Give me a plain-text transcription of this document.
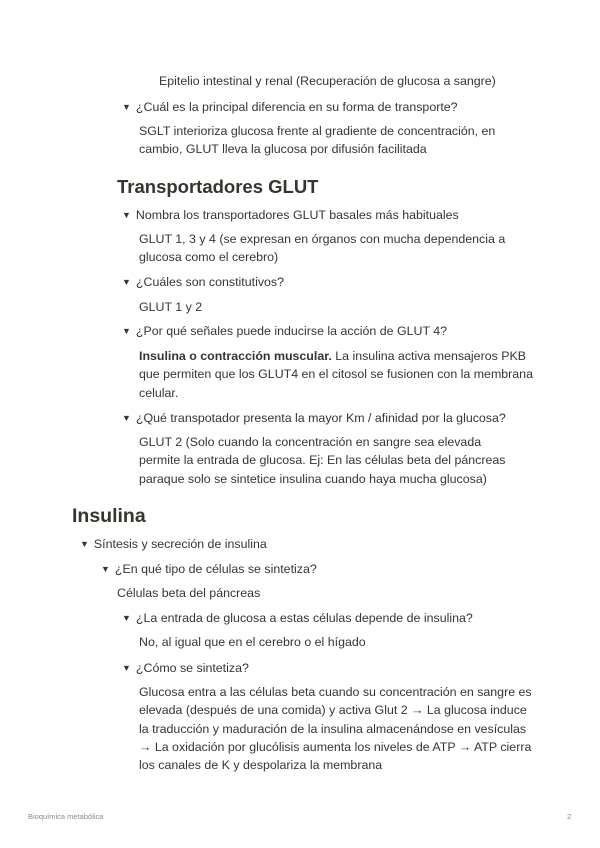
Epitelio intestinal y renal (Recuperación de glucosa a sangre)

▼ ¿Cuál es la principal diferencia en su forma de transporte?

SGLT interioriza glucosa frente al gradiente de concentración, en cambio, GLUT lleva la glucosa por difusión facilitada

Transportadores GLUT

▼ Nombra los transportadores GLUT basales más habituales

GLUT 1, 3 y 4 (se expresan en órganos con mucha dependencia a glucosa como el cerebro)

▼ ¿Cuáles son constitutivos?

GLUT 1 y 2

▼ ¿Por qué señales puede inducirse la acción de GLUT 4?

Insulina o contracción muscular. La insulina activa mensajeros PKB que permiten que los GLUT4 en el citosol se fusionen con la membrana celular.

▼ ¿Qué transpotador presenta la mayor Km / afinidad por la glucosa?

GLUT 2 (Solo cuando la concentración en sangre sea elevada permite la entrada de glucosa. Ej: En las células beta del páncreas paraque solo se sintetice insulina cuando haya mucha glucosa)

Insulina

▼ Síntesis y secreción de insulina

▼ ¿En qué tipo de células se sintetiza?

Células beta del páncreas

▼ ¿La entrada de glucosa a estas células depende de insulina?

No, al igual que en el cerebro o el hígado

▼ ¿Cómo se sintetiza?

Glucosa entra a las células beta cuando su concentración en sangre es elevada (después de una comida) y activa Glut 2 → La glucosa induce la traducción y maduración de la insulina almacenándose en vesículas → La oxidación por glucólisis aumenta los niveles de ATP → ATP cierra los canales de K y despolariza la membrana

Bioquímica metabólica	2
